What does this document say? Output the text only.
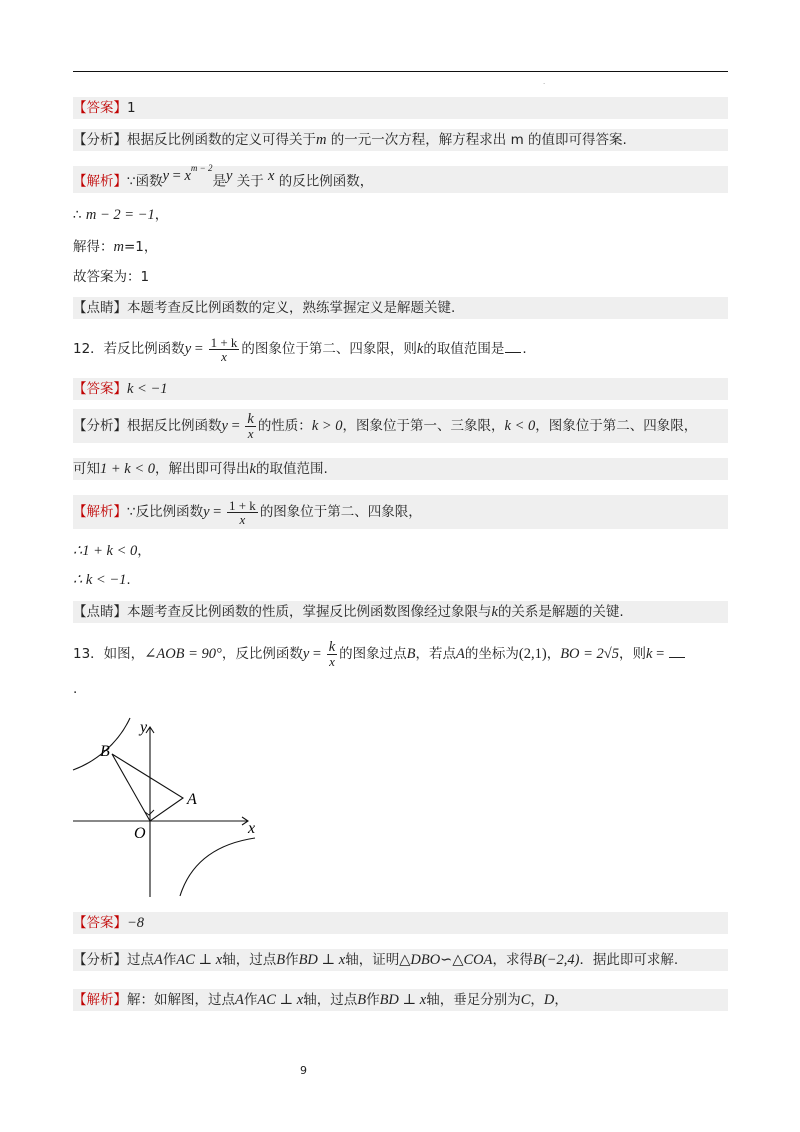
·
【答案】1
【分析】根据反比例函数的定义可得关于m 的一元一次方程，解方程求出 m 的值即可得答案.
【解析】∵函数$y = x^{m - 2}$是y 关于 x 的反比例函数，
∴ m − 2 = −1，
解得：m=1，
故答案为：1
【点睛】本题考查反比例函数的定义，熟练掌握定义是解题关键.
12．若反比例函数$y = \frac{1 + k}{x}$ 的图象位于第二、四象限，则k的取值范围是 .
【答案】k < −1
【分析】根据反比例函数$y = \frac{k}{x}$ 的性质：k > 0，图象位于第一、三象限，k < 0，图象位于第二、四象限，
可知1 + k < 0，解出即可得出k的取值范围.
【解析】∵反比例函数$y = \frac{1 + k}{x}$ 的图象位于第二、四象限，
∴1 + k < 0，
∴ k < −1.
【点睛】本题考查反比例函数的性质，掌握反比例函数图像经过象限与k的关系是解题的关键.
13．如图，∠AOB = 90°，反比例函数$y = \frac{k}{x}$ 的图象过点B，若点A的坐标为(2,1)，BO = 2√5，则k =
.
y
x
O
A
B
【答案】−8
【分析】过点A作AC ⊥ x轴，过点B作BD ⊥ x轴，证明△DBO∽△COA，求得B(−2,4)．据此即可求解.
【解析】解：如解图，过点A作AC ⊥ x轴，过点B作BD ⊥ x轴，垂足分别为C，D，
9
